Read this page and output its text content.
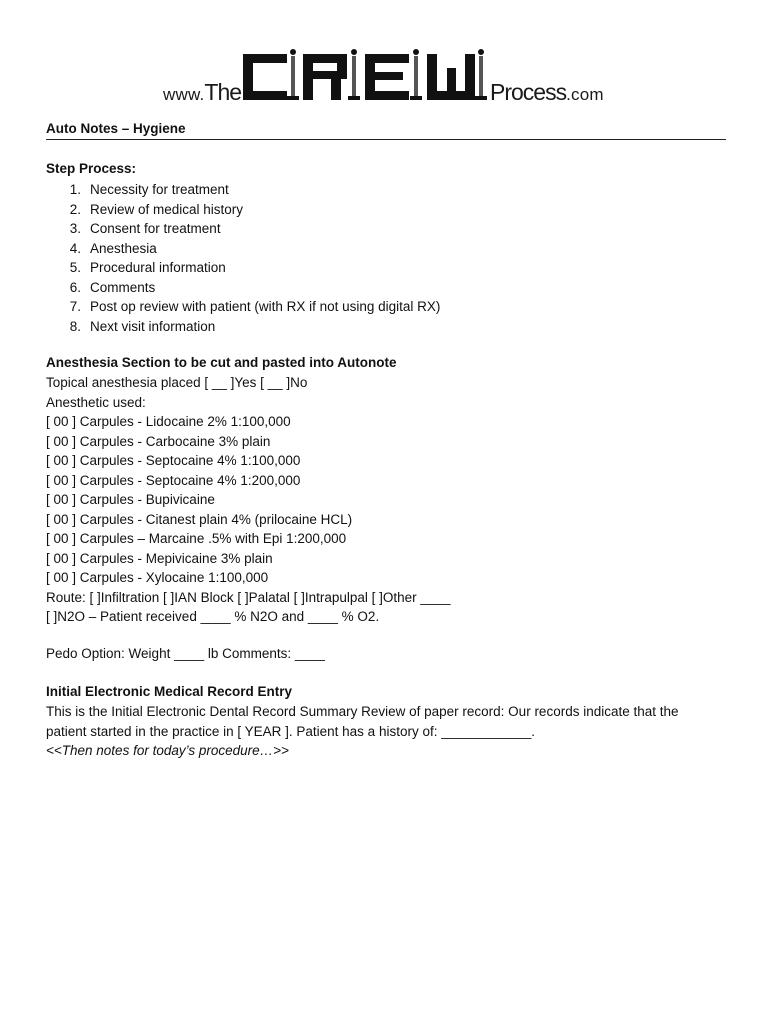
www.The	Process.com
Auto Notes – Hygiene
Step Process:
1. Necessity for treatment
2. Review of medical history
3. Consent for treatment
4. Anesthesia
5. Procedural information
6. Comments
7. Post op review with patient (with RX if not using digital RX)
8. Next visit information
Anesthesia Section to be cut and pasted into Autonote
Topical anesthesia placed [ __ ]Yes [ __ ]No
Anesthetic used:
[ 00 ] Carpules - Lidocaine 2% 1:100,000
[ 00 ] Carpules - Carbocaine 3% plain
[ 00 ] Carpules - Septocaine 4% 1:100,000
[ 00 ] Carpules - Septocaine 4% 1:200,000
[ 00 ] Carpules - Bupivicaine
[ 00 ] Carpules - Citanest plain 4% (prilocaine HCL)
[ 00 ] Carpules – Marcaine .5% with Epi 1:200,000
[ 00 ] Carpules - Mepivicaine 3% plain
[ 00 ] Carpules - Xylocaine 1:100,000
Route: [ ]Infiltration [ ]IAN Block [ ]Palatal [ ]Intrapulpal [ ]Other ____
[ ]N2O – Patient received ____ % N2O and ____ % O2.
Pedo Option: Weight ____ lb Comments: ____
Initial Electronic Medical Record Entry
This is the Initial Electronic Dental Record Summary Review of paper record: Our records indicate that the
patient started in the practice in [ YEAR ]. Patient has a history of: ____________.
<<Then notes for today’s procedure…>>
